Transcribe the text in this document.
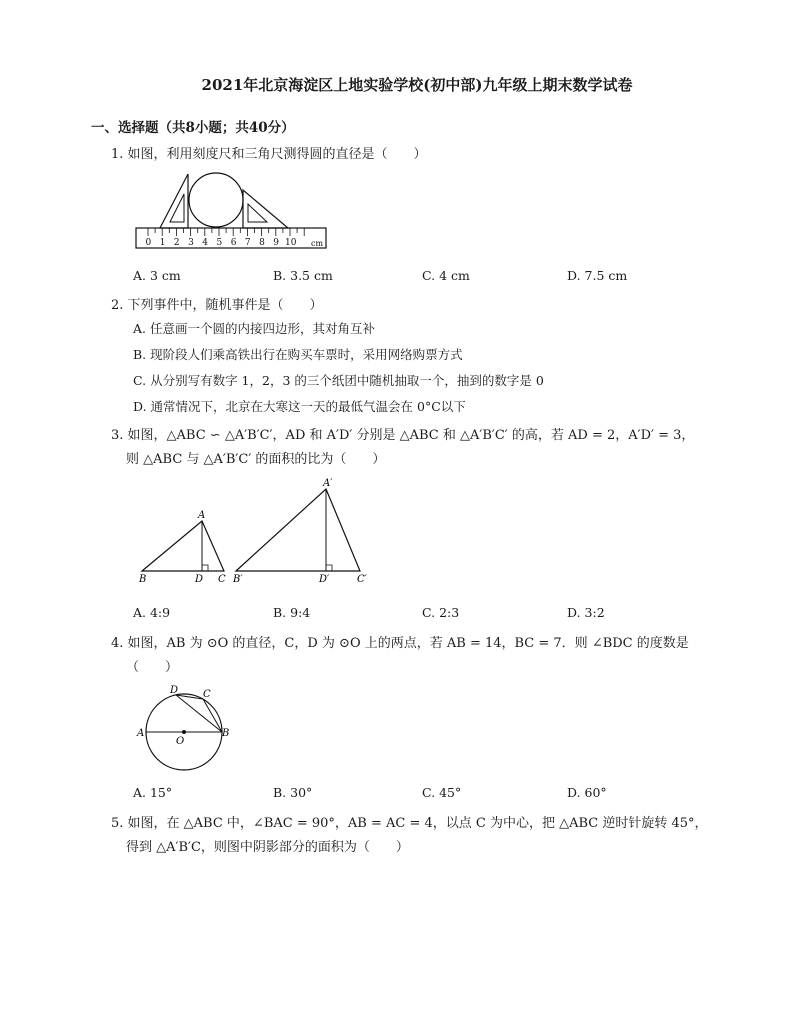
2021年北京海淀区上地实验学校(初中部)九年级上期末数学试卷
一、选择题（共8小题；共40分）
1. 如图，利用刻度尺和三角尺测得圆的直径是（　　）
0 1 2 3 4 5 6 7 8 9 10 cm
A. 3 cm	B. 3.5 cm	C. 4 cm	D. 7.5 cm
2. 下列事件中，随机事件是（　　）
A. 任意画一个圆的内接四边形，其对角互补
B. 现阶段人们乘高铁出行在购买车票时，采用网络购票方式
C. 从分别写有数字 1，2，3 的三个纸团中随机抽取一个，抽到的数字是 0
D. 通常情况下，北京在大寒这一天的最低气温会在 0°C以下
3. 如图，△ABC ∽ △A′B′C′，AD 和 A′D′ 分别是 △ABC 和 △A′B′C′ 的高，若 AD = 2，A′D′ = 3，
则 △ABC 与 △A′B′C′ 的面积的比为（　　）
A
B	C
D
A′
B′	C′
D′
A. 4:9	B. 9:4	C. 2:3	D. 3:2
4. 如图，AB 为 ⊙O 的直径，C，D 为 ⊙O 上的两点，若 AB = 14，BC = 7．则 ∠BDC 的度数是
（　　）
A	B
C
D
O
A. 15°	B. 30°	C. 45°	D. 60°
5. 如图，在 △ABC 中，∠BAC = 90°，AB = AC = 4，以点 C 为中心，把 △ABC 逆时针旋转 45°，
得到 △A′B′C，则图中阴影部分的面积为（　　）
